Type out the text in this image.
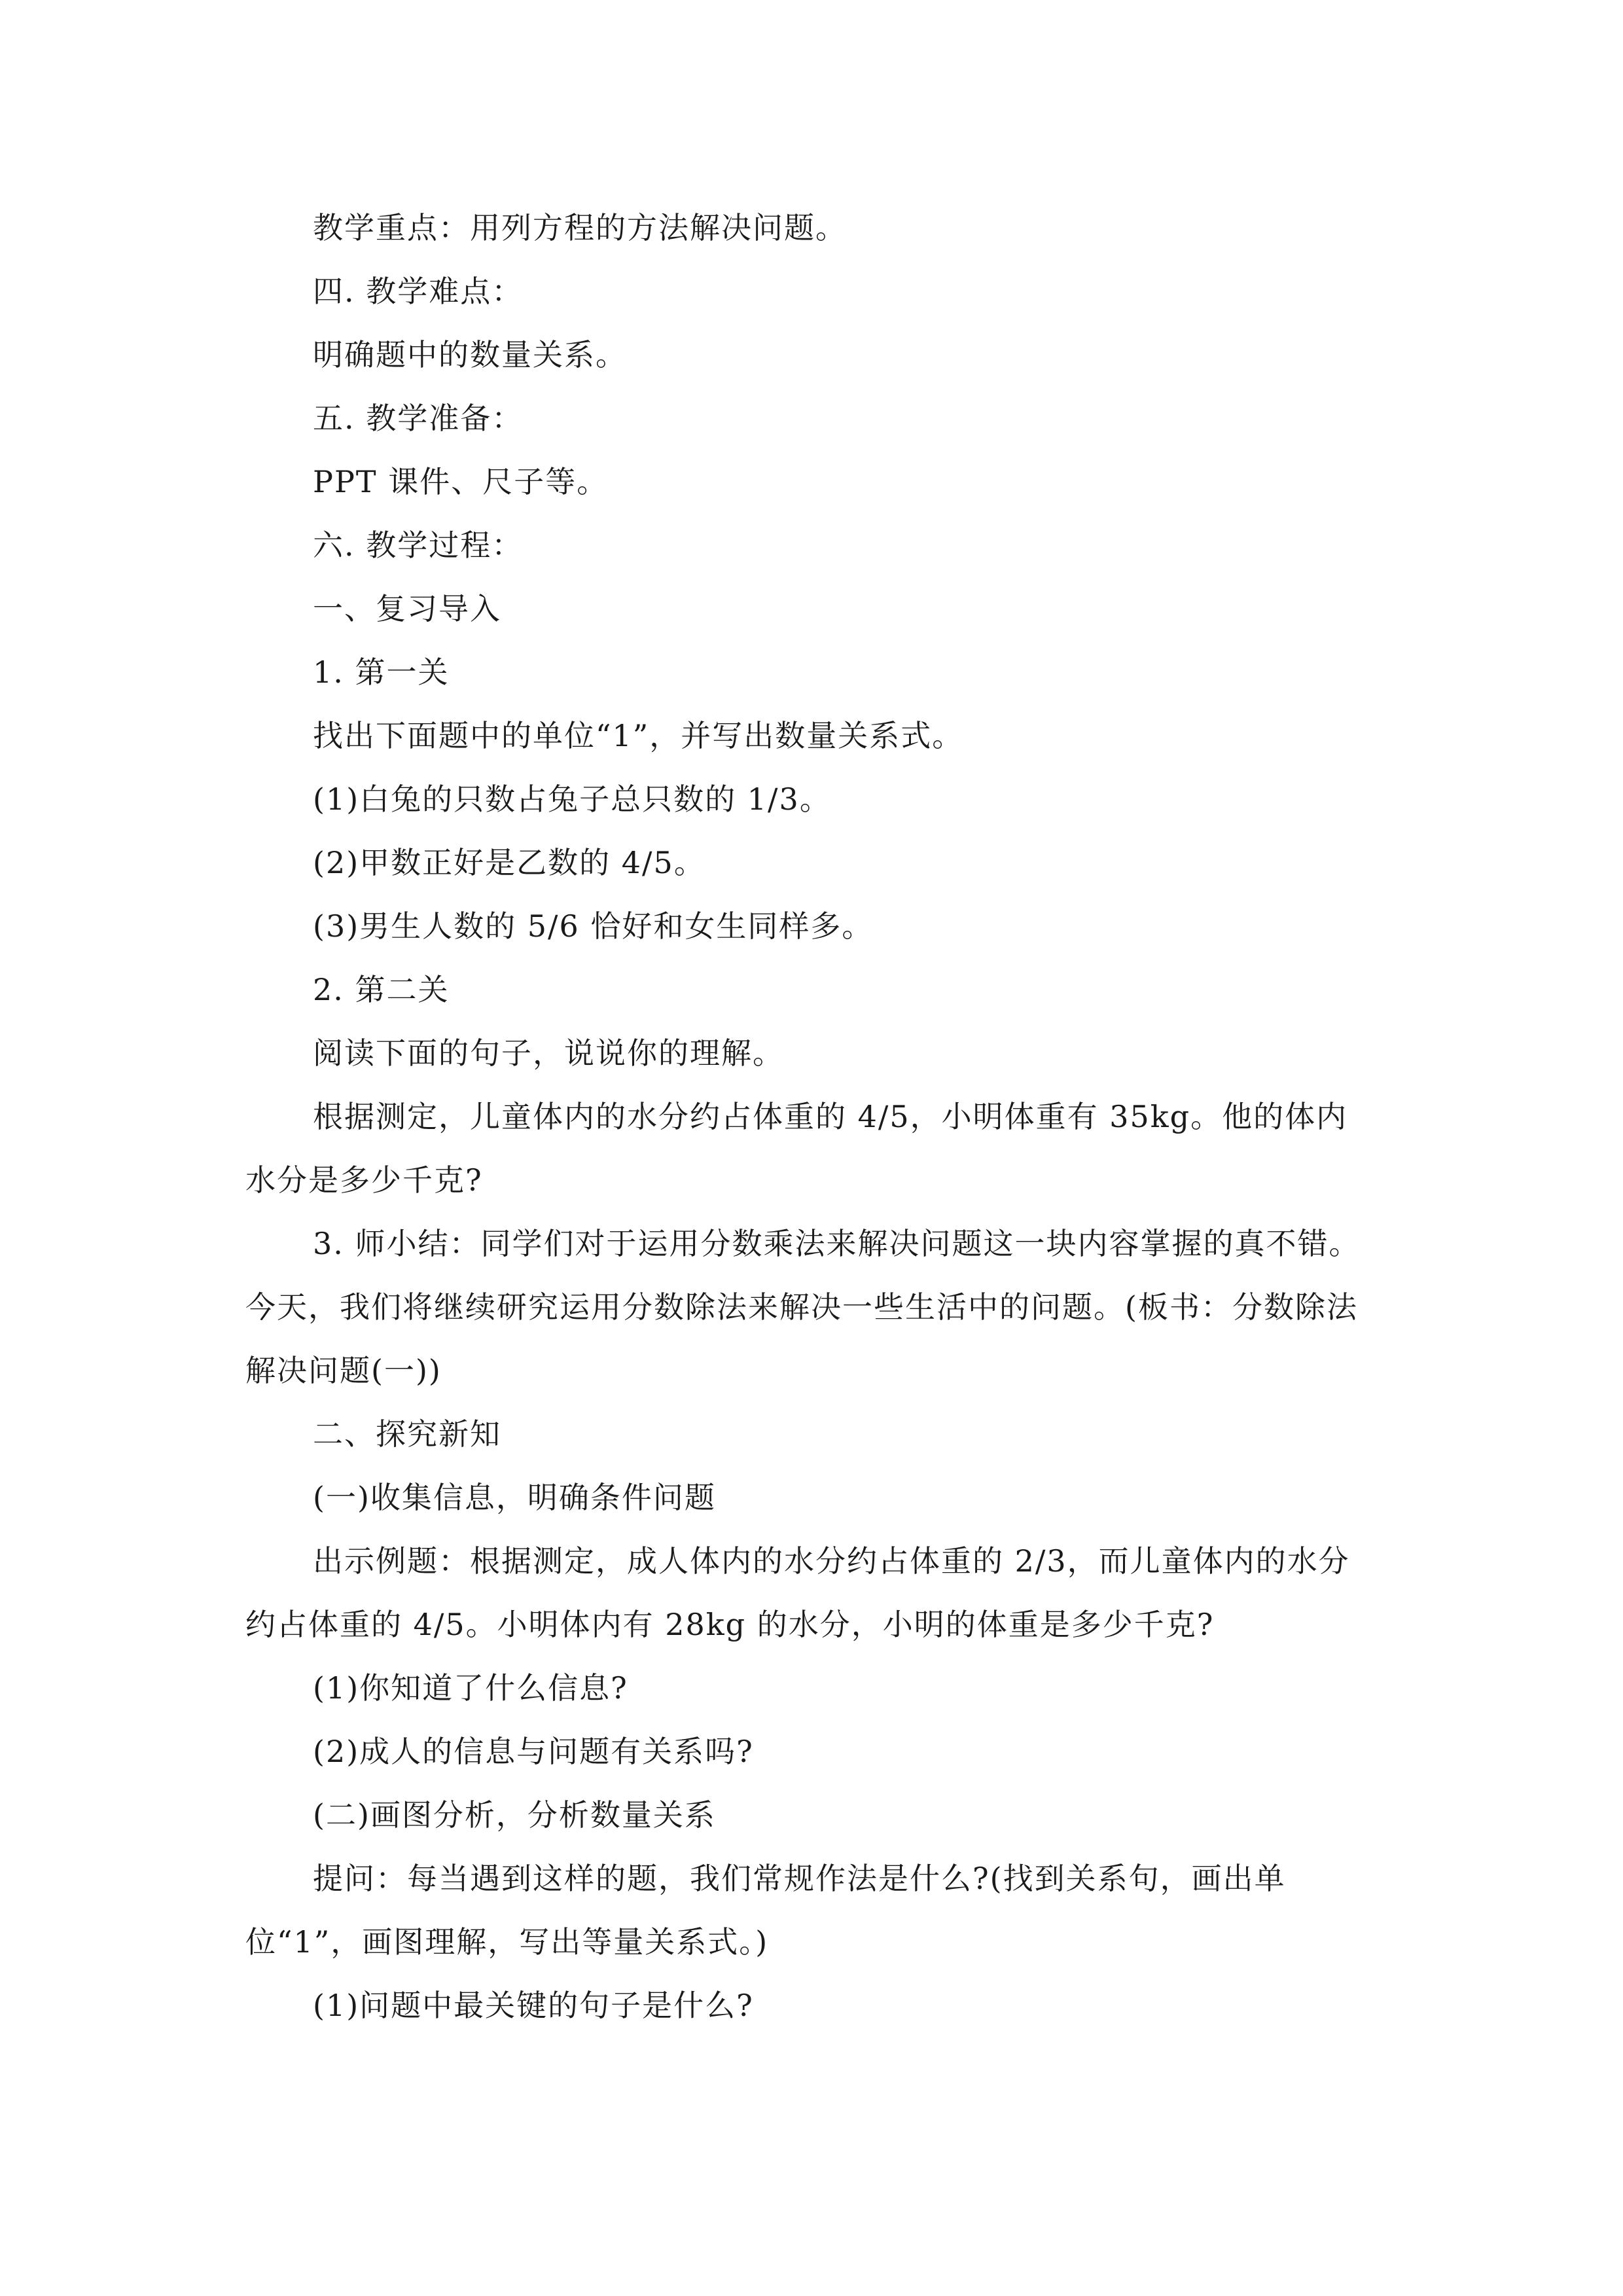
教学重点：用列方程的方法解决问题。

四. 教学难点：

明确题中的数量关系。

五. 教学准备：

PPT 课件、尺子等。

六. 教学过程：

一、复习导入

1. 第一关

找出下面题中的单位“1”，并写出数量关系式。

(1)白兔的只数占兔子总只数的 1/3。

(2)甲数正好是乙数的 4/5。

(3)男生人数的 5/6 恰好和女生同样多。

2. 第二关

阅读下面的句子，说说你的理解。

根据测定，儿童体内的水分约占体重的 4/5，小明体重有 35kg。他的体内水分是多少千克?

3. 师小结：同学们对于运用分数乘法来解决问题这一块内容掌握的真不错。今天，我们将继续研究运用分数除法来解决一些生活中的问题。(板书：分数除法解决问题(一))

二、探究新知

(一)收集信息，明确条件问题

出示例题：根据测定，成人体内的水分约占体重的 2/3，而儿童体内的水分约占体重的 4/5。小明体内有 28kg 的水分，小明的体重是多少千克?

(1)你知道了什么信息?

(2)成人的信息与问题有关系吗?

(二)画图分析，分析数量关系

提问：每当遇到这样的题，我们常规作法是什么?(找到关系句，画出单位“1”，画图理解，写出等量关系式。)

(1)问题中最关键的句子是什么?
